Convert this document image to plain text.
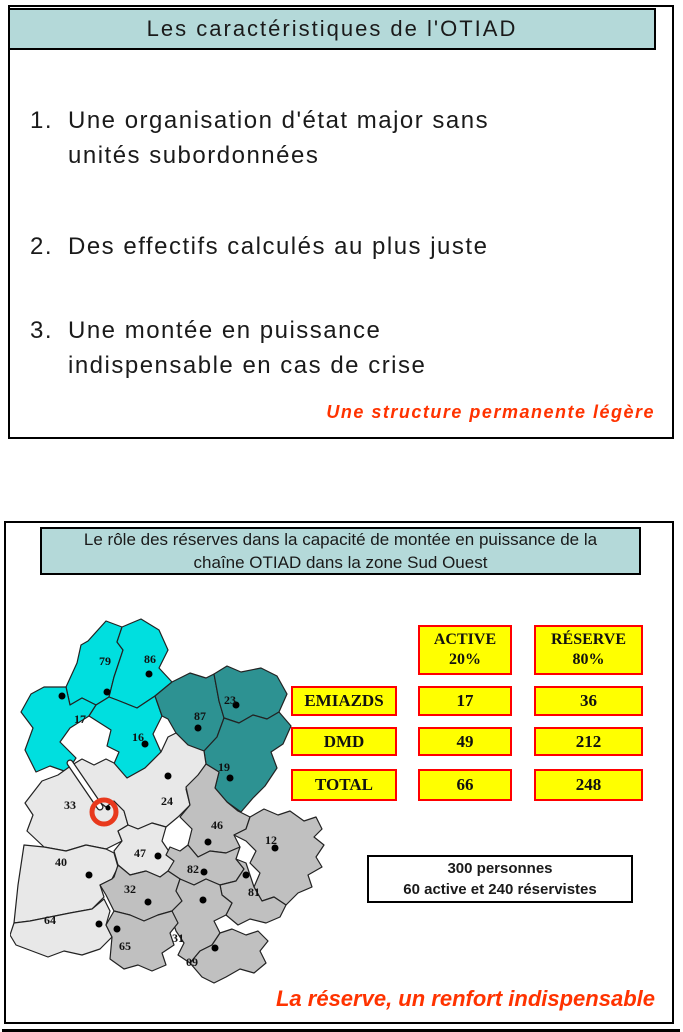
Les caractéristiques de l'OTIAD
1. Une organisation d'état major sans
unités subordonnées
2. Des effectifs calculés au plus juste
3. Une montée en puissance
indispensable en cas de crise
Une structure permanente légère
Le rôle des réserves dans la capacité de montée en puissance de la
chaîne OTIAD dans la zone Sud Ouest
79	86
17
16
87
23
19
33	24
40
47
64
46
12
82
81
32
65
31
09
ACTIVE
20%
RÉSERVE
80%
EMIAZDS	17	36
DMD	49	212
TOTAL	66	248
300 personnes
60 active et 240 réservistes
La réserve, un renfort indispensable
